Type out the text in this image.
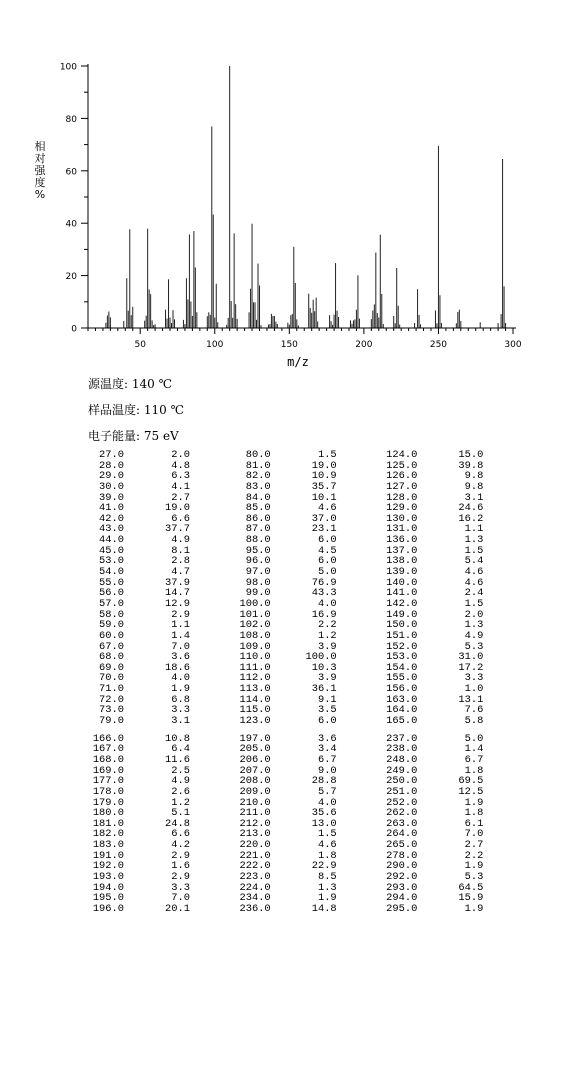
0
20
40
60
80
100
50	100	150	200	250	300
相
对
强
度
%
m/z
源温度: 140 ℃
样品温度: 110 ℃
电子能量: 75 eV
27.0	2.0
28.0	4.8
29.0	6.3
30.0	4.1
39.0	2.7
41.0	19.0
42.0	6.6
43.0	37.7
44.0	4.9
45.0	8.1
53.0	2.8
54.0	4.7
55.0	37.9
56.0	14.7
57.0	12.9
58.0	2.9
59.0	1.1
60.0	1.4
67.0	7.0
68.0	3.6
69.0	18.6
70.0	4.0
71.0	1.9
72.0	6.8
73.0	3.3
79.0	3.1
80.0	1.5
81.0	19.0
82.0	10.9
83.0	35.7
84.0	10.1
85.0	4.6
86.0	37.0
87.0	23.1
88.0	6.0
95.0	4.5
96.0	6.0
97.0	5.0
98.0	76.9
99.0	43.3
100.0	4.0
101.0	16.9
102.0	2.2
108.0	1.2
109.0	3.9
110.0	100.0
111.0	10.3
112.0	3.9
113.0	36.1
114.0	9.1
115.0	3.5
123.0	6.0
124.0	15.0
125.0	39.8
126.0	9.8
127.0	9.8
128.0	3.1
129.0	24.6
130.0	16.2
131.0	1.1
136.0	1.3
137.0	1.5
138.0	5.4
139.0	4.6
140.0	4.6
141.0	2.4
142.0	1.5
149.0	2.0
150.0	1.3
151.0	4.9
152.0	5.3
153.0	31.0
154.0	17.2
155.0	3.3
156.0	1.0
163.0	13.1
164.0	7.6
165.0	5.8
166.0	10.8
167.0	6.4
168.0	11.6
169.0	2.5
177.0	4.9
178.0	2.6
179.0	1.2
180.0	5.1
181.0	24.8
182.0	6.6
183.0	4.2
191.0	2.9
192.0	1.6
193.0	2.9
194.0	3.3
195.0	7.0
196.0	20.1
197.0	3.6
205.0	3.4
206.0	6.7
207.0	9.0
208.0	28.8
209.0	5.7
210.0	4.0
211.0	35.6
212.0	13.0
213.0	1.5
220.0	4.6
221.0	1.8
222.0	22.9
223.0	8.5
224.0	1.3
234.0	1.9
236.0	14.8
237.0	5.0
238.0	1.4
248.0	6.7
249.0	1.8
250.0	69.5
251.0	12.5
252.0	1.9
262.0	1.8
263.0	6.1
264.0	7.0
265.0	2.7
278.0	2.2
290.0	1.9
292.0	5.3
293.0	64.5
294.0	15.9
295.0	1.9
